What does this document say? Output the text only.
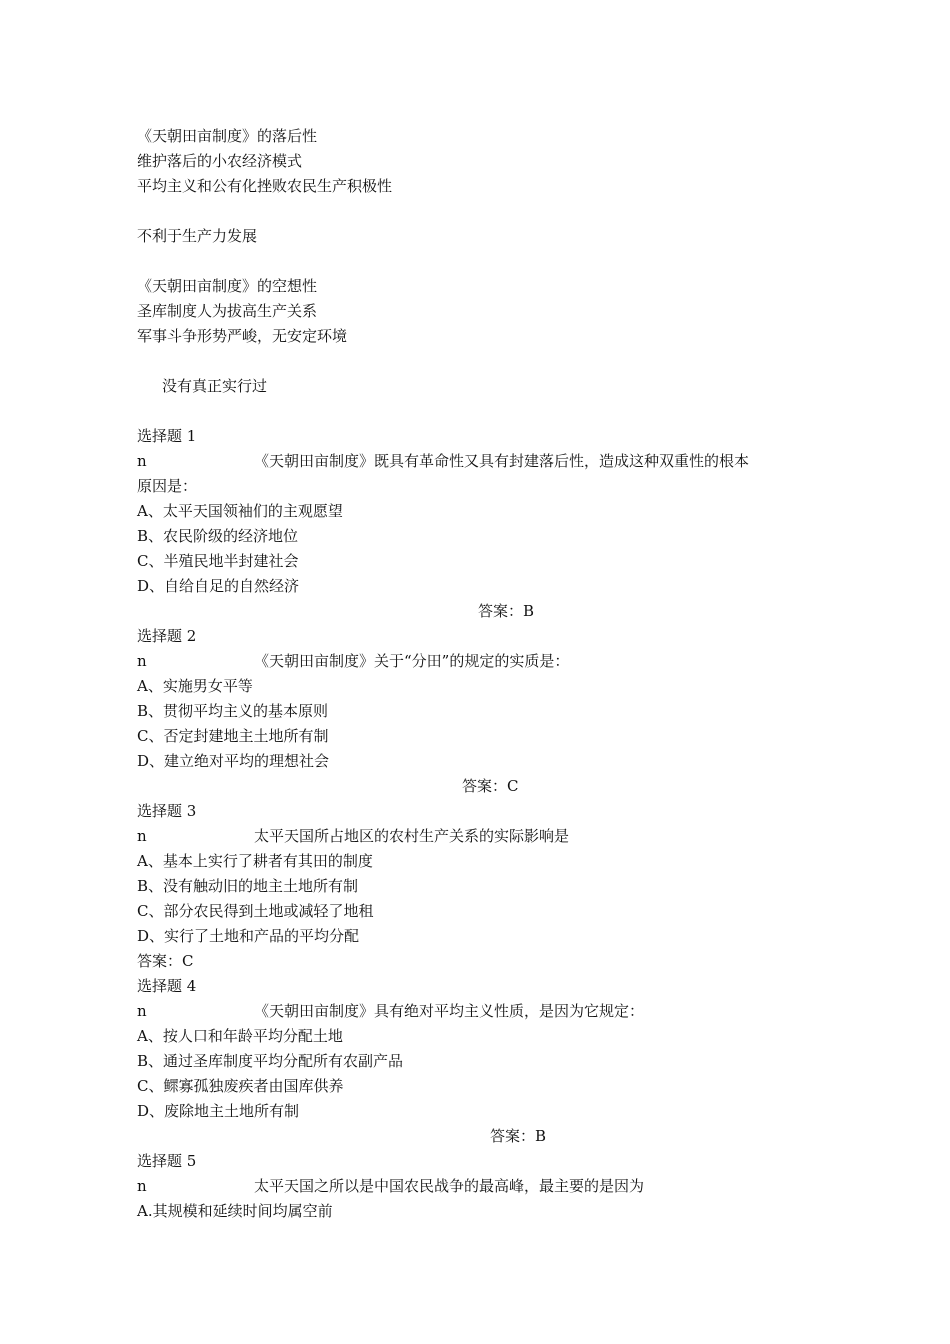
《天朝田亩制度》的落后性
维护落后的小农经济模式
平均主义和公有化挫败农民生产积极性
不利于生产力发展
《天朝田亩制度》的空想性
圣库制度人为拔高生产关系
军事斗争形势严峻，无安定环境
没有真正实行过
选择题 1
n	《天朝田亩制度》既具有革命性又具有封建落后性，造成这种双重性的根本
原因是：
A、太平天国领袖们的主观愿望
B、农民阶级的经济地位
C、半殖民地半封建社会
D、自给自足的自然经济
答案：B
选择题 2
n	《天朝田亩制度》关于“分田”的规定的实质是：
A、实施男女平等
B、贯彻平均主义的基本原则
C、否定封建地主土地所有制
D、建立绝对平均的理想社会
答案：C
选择题 3
n	太平天国所占地区的农村生产关系的实际影响是
A、基本上实行了耕者有其田的制度
B、没有触动旧的地主土地所有制
C、部分农民得到土地或减轻了地租
D、实行了土地和产品的平均分配
答案：C
选择题 4
n	《天朝田亩制度》具有绝对平均主义性质，是因为它规定：
A、按人口和年龄平均分配土地
B、通过圣库制度平均分配所有农副产品
C、鳏寡孤独废疾者由国库供养
D、废除地主土地所有制
答案：B
选择题 5
n	太平天国之所以是中国农民战争的最高峰，最主要的是因为
A.其规模和延续时间均属空前
